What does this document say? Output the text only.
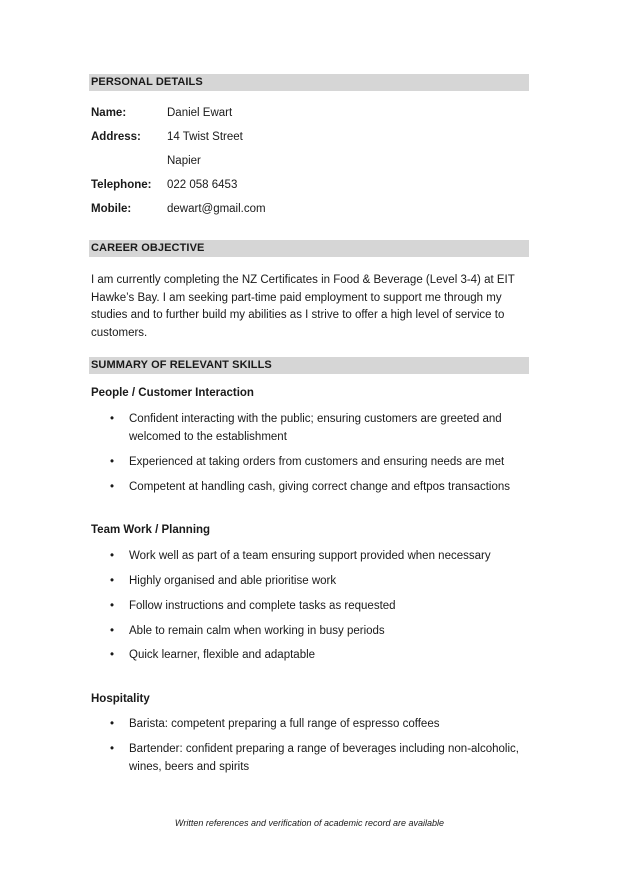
PERSONAL DETAILS
Name:	Daniel Ewart
Address: 14 Twist Street
Napier
Telephone: 022 058 6453
Mobile:	dewart@gmail.com
CAREER OBJECTIVE
I am currently completing the NZ Certificates in Food & Beverage (Level 3-4) at EIT
Hawke’s Bay. I am seeking part-time paid employment to support me through my
studies and to further build my abilities as I strive to offer a high level of service to
customers.
SUMMARY OF RELEVANT SKILLS
People / Customer Interaction
• Confident interacting with the public; ensuring customers are greeted and
welcomed to the establishment
• Experienced at taking orders from customers and ensuring needs are met
• Competent at handling cash, giving correct change and eftpos transactions
Team Work / Planning
• Work well as part of a team ensuring support provided when necessary
• Highly organised and able prioritise work
• Follow instructions and complete tasks as requested
• Able to remain calm when working in busy periods
• Quick learner, flexible and adaptable
Hospitality
• Barista: competent preparing a full range of espresso coffees
• Bartender: confident preparing a range of beverages including non-alcoholic,
wines, beers and spirits
Written references and verification of academic record are available
